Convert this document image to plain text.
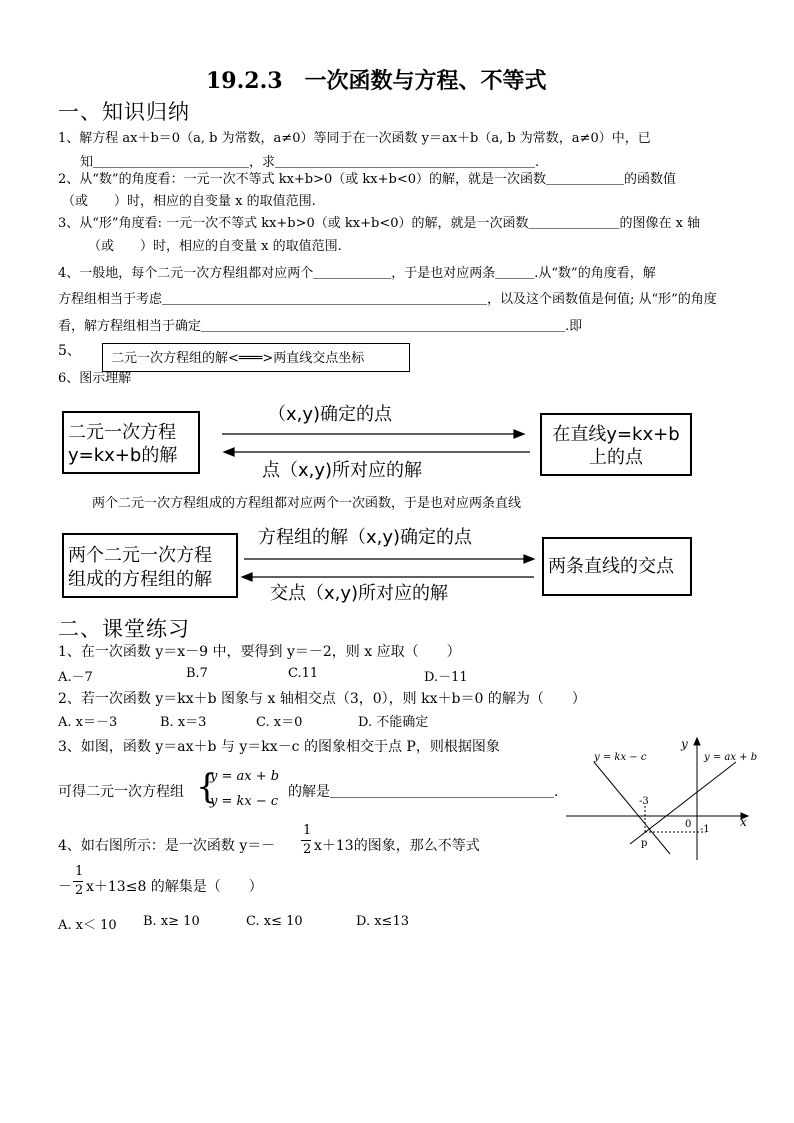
19.2.3　一次函数与方程、不等式
一、知识归纳
1、解方程 ax＋b＝0（a, b 为常数，a≠0）等同于在一次函数 y＝ax＋b（a, b 为常数，a≠0）中，已
知＿＿＿＿＿＿＿＿＿＿＿＿，求＿＿＿＿＿＿＿＿＿＿＿＿＿＿＿＿＿＿＿＿.
2、从“数”的角度看：一元一次不等式 kx+b>0（或 kx+b<0）的解，就是一次函数＿＿＿＿＿＿的函数值
（或　　）时，相应的自变量 x 的取值范围.
3、从“形”角度看: 一元一次不等式 kx+b>0（或 kx+b<0）的解，就是一次函数＿＿＿＿＿＿＿的图像在 x 轴
（或　　）时，相应的自变量 x 的取值范围.
4、一般地，每个二元一次方程组都对应两个＿＿＿＿＿＿，于是也对应两条＿＿＿.从“数”的角度看，解
方程组相当于考虑＿＿＿＿＿＿＿＿＿＿＿＿＿＿＿＿＿＿＿＿＿＿＿＿＿，以及这个函数值是何值; 从“形”的角度
看，解方程组相当于确定＿＿＿＿＿＿＿＿＿＿＿＿＿＿＿＿＿＿＿＿＿＿＿＿＿＿＿＿.即
5、	二元一次方程组的解<═══>两直线交点坐标
6、图示理解
二元一次方程
y=kx+b的解
（x,y)确定的点
点（x,y)所对应的解
在直线y=kx+b
上的点
两个二元一次方程组成的方程组都对应两个一次函数，于是也对应两条直线
两个二元一次方程
组成的方程组的解
方程组的解（x,y)确定的点
交点（x,y)所对应的解
两条直线的交点
二、课堂练习
1、在一次函数 y＝x－9 中，要得到 y＝－2，则 x 应取（　　）
A.－7	B.7	C.11	D.－11
2、若一次函数 y＝kx＋b 图象与 x 轴相交点（3，0），则 kx＋b＝0 的解为（　　）
A. x＝－3	B. x＝3	C. x＝0	D. 不能确定
3、如图，函数 y＝ax＋b 与 y＝kx－c 的图象相交于点 P，则根据图象
可得二元一次方程组 {
y = ax + b
y = kx − c
的解是＿＿＿＿＿＿＿＿＿＿＿＿＿＿＿＿.
4、如右图所示：是一次函数 y＝－
1
2 x＋13的图象，那么不等式
－
1
2 x＋13≤8 的解集是（　　）
A. x＜ 10 B. x≥ 10	C. x≤ 10	D. x≤13
y = kx − c	y = ax + b
y
x
-3
0 -1
p
